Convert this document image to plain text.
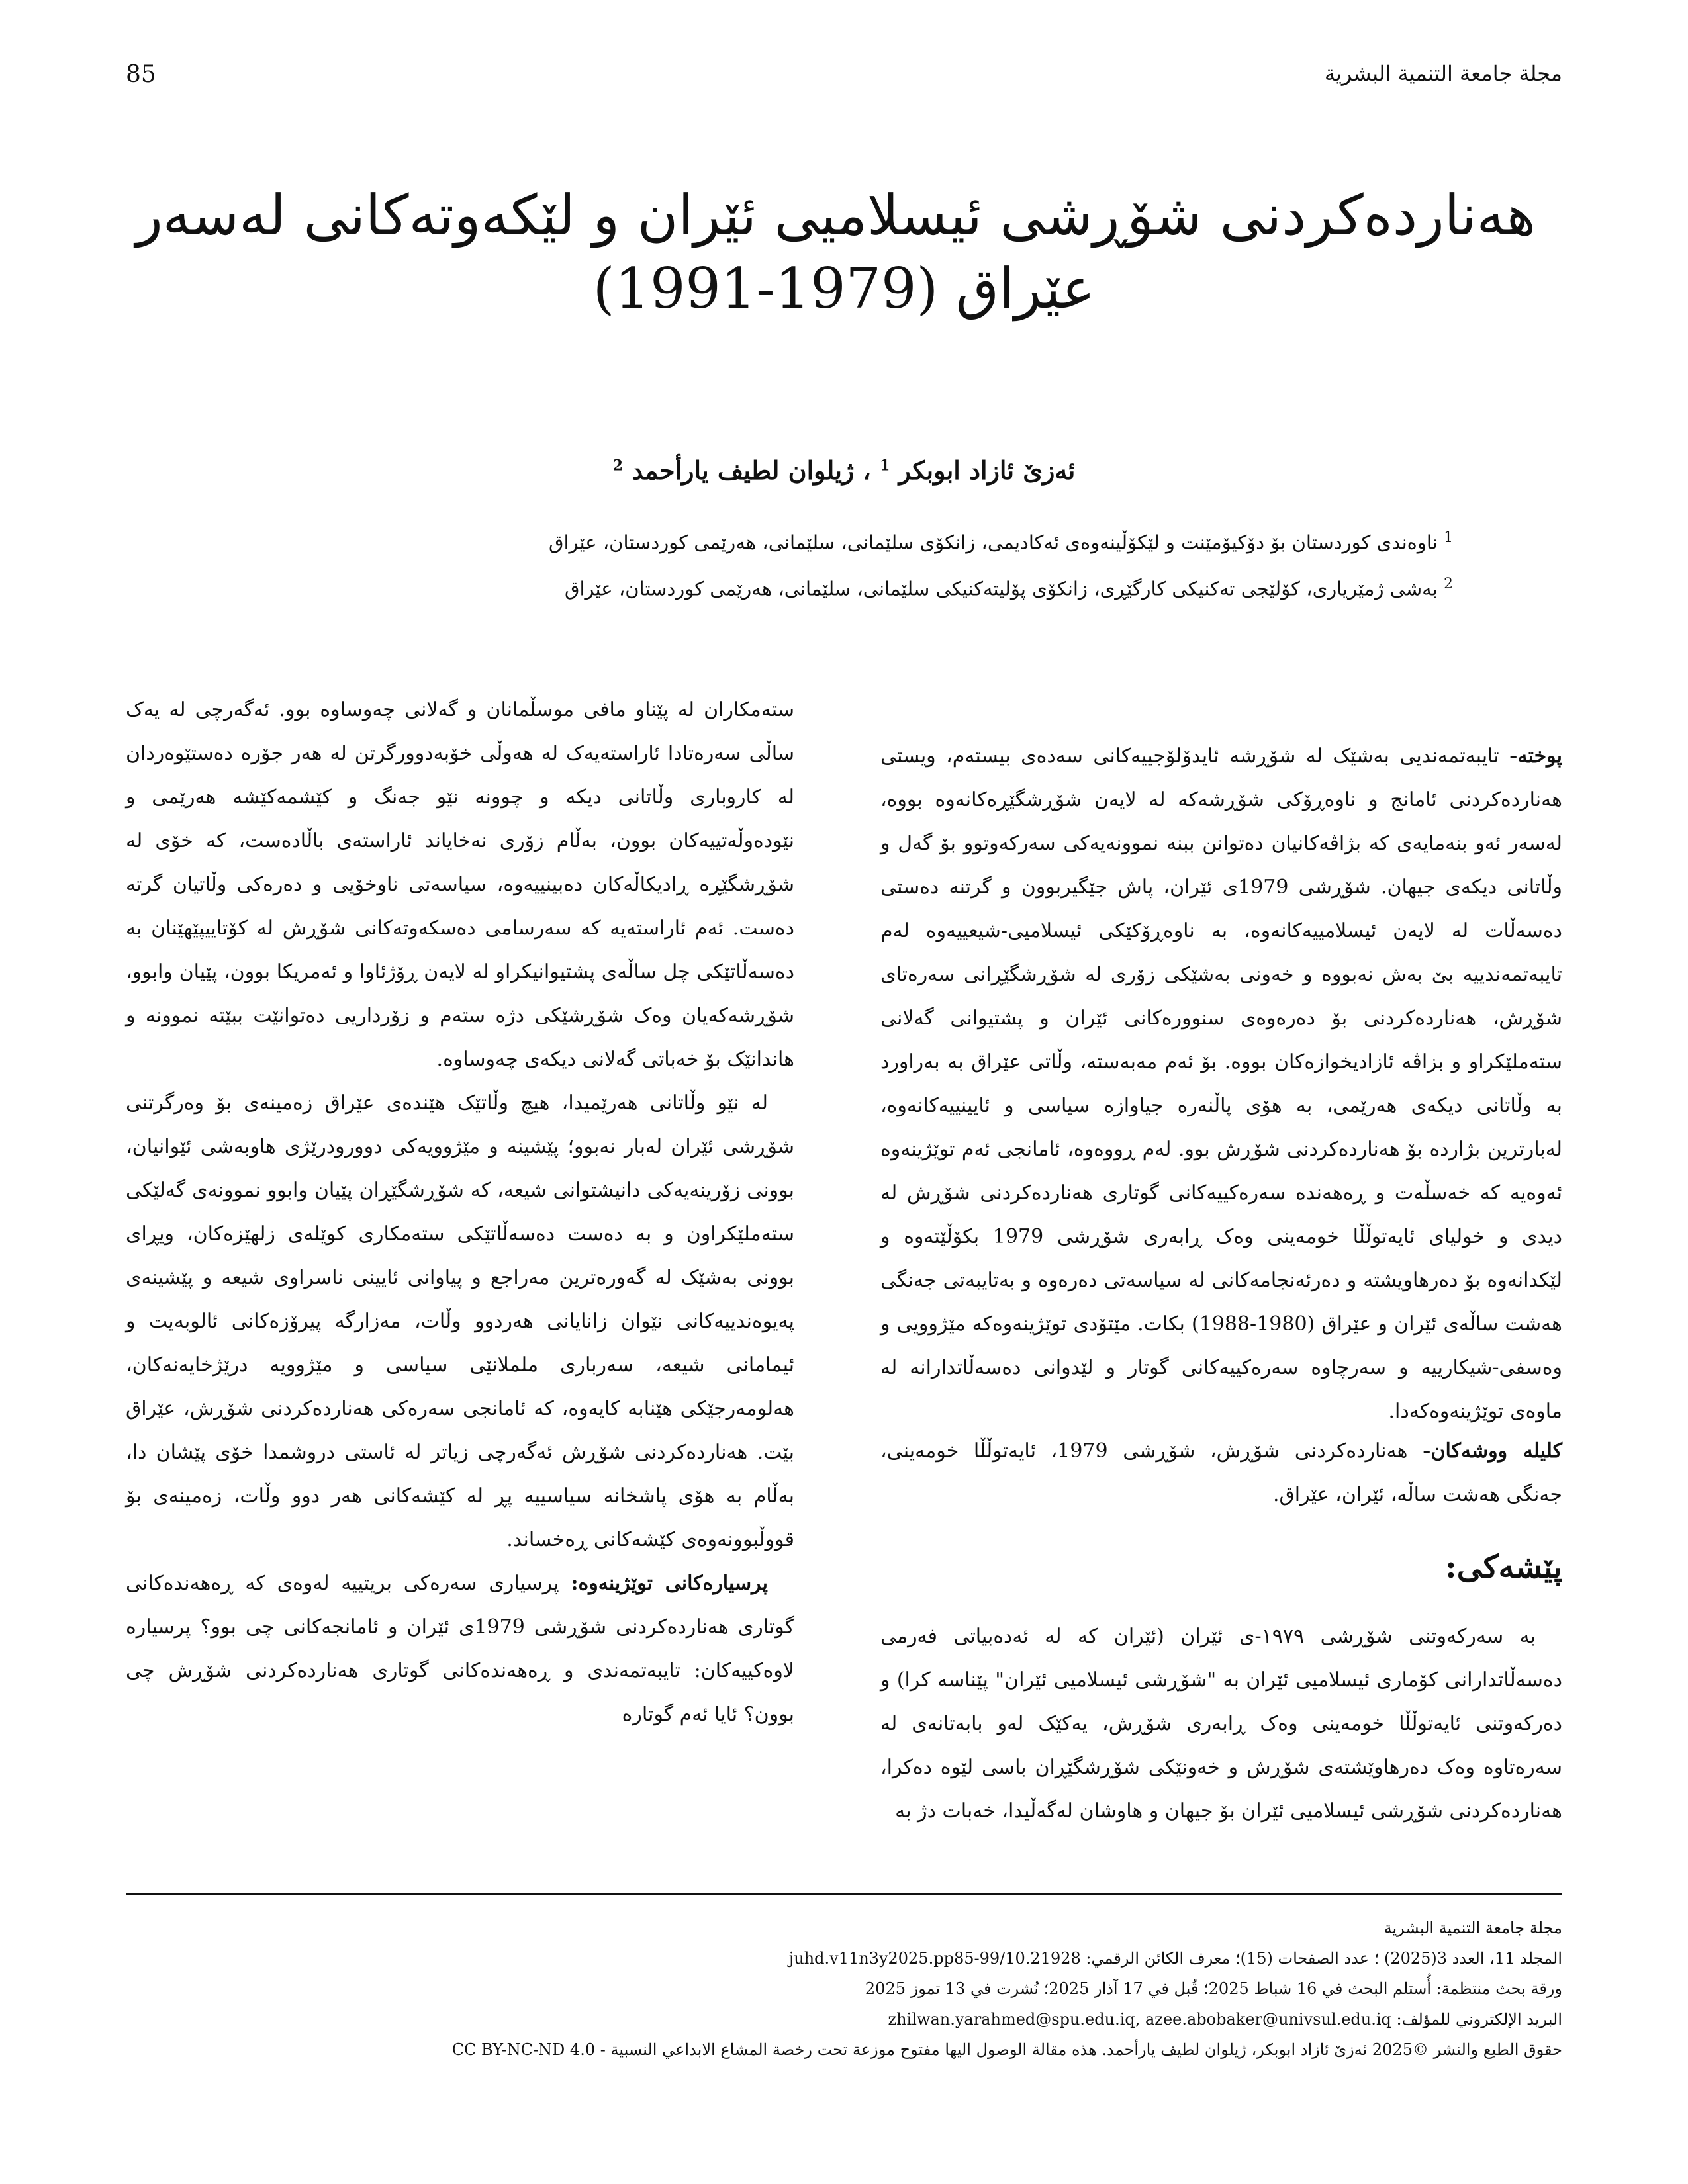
85	مجلة جامعة التنمية البشرية
هەناردەکردنی شۆڕشی ئیسلامیی ئێران و لێکەوتەکانی لەسەر
عێراق (1979-1991)
ئەزێ ئازاد ابوبکر $^1$ ، ژیلوان لطیف یارأحمد $^2$
$^1$ ناوەندی کوردستان بۆ دۆکیۆمێنت و لێکۆڵینەوەی ئەکادیمی، زانکۆی سلێمانی، سلێمانی، هەرێمی کوردستان، عێراق
$^2$ بەشی ژمێریاری، کۆلێجی تەکنیکی کارگێڕی، زانکۆی پۆلیتەکنیکی سلێمانی، سلێمانی، هەرێمی کوردستان، عێراق

پوختە- تایبەتمەندیی بەشێک لە شۆڕشە ئایدۆلۆجییەکانی سەدەی بیستەم، ویستی هەناردەکردنی ئامانج و ناوەڕۆکی شۆڕشەکە لە لایەن شۆڕشگێڕەکانەوە بووە، لەسەر ئەو بنەمایەی کە بژاڤەکانیان دەتوانن ببنە نموونەیەکی سەرکەوتوو بۆ گەل و وڵاتانی دیکەی جیهان. شۆڕشی 1979ی ئێران، پاش جێگیربوون و گرتنە دەستی دەسەڵات لە لایەن ئیسلامییەکانەوە، بە ناوەڕۆکێکی ئیسلامیی-شیعییەوە لەم تایبەتمەندییە بێ بەش نەبووە و خەونی بەشێکی زۆری لە شۆڕشگێڕانی سەرەتای شۆڕش، هەناردەکردنی بۆ دەرەوەی سنوورەکانی ئێران و پشتیوانی گەلانی ستەملێکراو و بزاڤە ئازادیخوازەکان بووە. بۆ ئەم مەبەستە، وڵاتی عێراق بە بەراورد بە وڵاتانی دیکەی هەرێمی، بە هۆی پاڵنەرە جیاوازە سیاسی و ئایینییەکانەوە، لەبارترین بژاردە بۆ هەناردەکردنی شۆڕش بوو. لەم ڕووەوە، ئامانجی ئەم توێژینەوە ئەوەیە کە خەسڵەت و ڕەهەندە سەرەکییەکانی گوتاری هەناردەکردنی شۆڕش لە دیدی و خولیای ئایەتوڵڵا خومەینی وەک ڕابەری شۆڕشی 1979 بکۆڵێتەوە و لێکدانەوە بۆ دەرهاویشتە و دەرئەنجامەکانی لە سیاسەتی دەرەوە و بەتایبەتی جەنگی هەشت ساڵەی ئێران و عێراق (1980-1988) بکات. مێتۆدی توێژینەوەکە مێژوویی و وەسفی-شیکارییە و سەرچاوە سەرەکییەکانی گوتار و لێدوانی دەسەڵاتدارانە لە ماوەی توێژینەوەکەدا.

کلیلە ووشەکان- هەناردەکردنی شۆڕش، شۆڕشی 1979، ئایەتوڵڵا خومەینی، جەنگی هەشت ساڵە، ئێران، عێراق.

پێشەکی:

بە سەرکەوتنی شۆڕشی ١٩٧٩-ی ئێران (ئێران کە لە ئەدەبیاتی فەرمی دەسەڵاتدارانی کۆماری ئیسلامیی ئێران بە "شۆڕشی ئیسلامیی ئێران" پێناسە کرا) و دەرکەوتنی ئایەتوڵڵا خومەینی وەک ڕابەری شۆڕش، یەکێک لەو بابەتانەی لە سەرەتاوە وەک دەرهاوێشتەی شۆڕش و خەونێکی شۆڕشگێڕان باسی لێوە دەکرا، هەناردەکردنی شۆڕشی ئیسلامیی ئێران بۆ جیهان و هاوشان لەگەڵیدا، خەبات دژ بە

ستەمکاران لە پێناو مافی موسڵمانان و گەلانی چەوساوە بوو. ئەگەرچی لە یەک ساڵی سەرەتادا ئاراستەیەک لە هەوڵی خۆبەدوورگرتن لە هەر جۆرە دەستێوەردان لە کاروباری وڵاتانی دیکە و چوونە نێو جەنگ و کێشمەکێشە هەرێمی و نێودەوڵەتییەکان بوون، بەڵام زۆری نەخایاند ئاراستەی باڵادەست، کە خۆی لە شۆڕشگێڕە ڕادیکاڵەکان دەبینییەوە، سیاسەتی ناوخۆیی و دەرەکی وڵاتیان گرتە دەست. ئەم ئاراستەیە کە سەرسامی دەسکەوتەکانی شۆڕش لە کۆتاییپێهێنان بە دەسەڵاتێکی چل ساڵەی پشتیوانیکراو لە لایەن ڕۆژئاوا و ئەمریکا بوون، پێیان وابوو، شۆڕشەکەیان وەک شۆڕشێکی دژە ستەم و زۆرداریی دەتوانێت ببێتە نموونە و هاندانێک بۆ خەباتی گەلانی دیکەی چەوساوە.

لە نێو وڵاتانی هەرێمیدا، هیچ وڵاتێک هێندەی عێراق زەمینەی بۆ وەرگرتنی شۆڕشی ئێران لەبار نەبوو؛ پێشینە و مێژوویەکی دوورودرێژی هاوبەشی ئێوانیان، بوونی زۆرینەیەکی دانیشتوانی شیعە، کە شۆڕشگێڕان پێیان وابوو نموونەی گەلێکی ستەملێکراون و بە دەست دەسەڵاتێکی ستەمکاری کوێلەی زلهێزەکان، ویڕای بوونی بەشێک لە گەورەترین مەراجع و پیاوانی ئایینی ناسراوی شیعە و پێشینەی پەیوەندییەکانی نێوان زانایانی هەردوو وڵات، مەزارگە پیرۆزەکانی ئالوبەیت و ئیمامانی شیعە، سەرباری ململانێی سیاسی و مێژوویە درێژخایەنەکان، هەلومەرجێکی هێنابە کایەوە، کە ئامانجی سەرەکی هەناردەکردنی شۆڕش، عێراق بێت. هەناردەکردنی شۆڕش ئەگەرچی زیاتر لە ئاستی دروشمدا خۆی پێشان دا، بەڵام بە هۆی پاشخانە سیاسییە پڕ لە کێشەکانی هەر دوو وڵات، زەمینەی بۆ قووڵبوونەوەی کێشەکانی ڕەخساند.

پرسیارەکانی توێژینەوە: پرسیاری سەرەکی بریتییە لەوەی کە ڕەهەندەکانی گوتاری هەناردەکردنی شۆڕشی 1979ی ئێران و ئامانجەکانی چی بوو؟ پرسیارە لاوەکییەکان: تایبەتمەندی و ڕەهەندەکانی گوتاری هەناردەکردنی شۆڕش چی بوون؟ ئایا ئەم گوتارە

مجلة جامعة التنمية البشرية
المجلد 11، العدد 3(2025) ؛ عدد الصفحات (15)؛ معرف الكائن الرقمي: 10.21928/juhd.v11n3y2025.pp85-99
ورقة بحث منتظمة: أُستلم البحث في 16 شباط 2025؛ قُبل في 17 آذار 2025؛ نُشرت في 13 تموز 2025
البريد الإلكتروني للمؤلف: zhilwan.yarahmed@spu.edu.iq, azee.abobaker@univsul.edu.iq
حقوق الطبع والنشر ©2025 ئەزێ ئازاد ابوبکر، ژیلوان لطیف یارأحمد. هذه مقالة الوصول اليها مفتوح موزعة تحت رخصة المشاع الابداعي النسبية - CC BY-NC-ND 4.0
